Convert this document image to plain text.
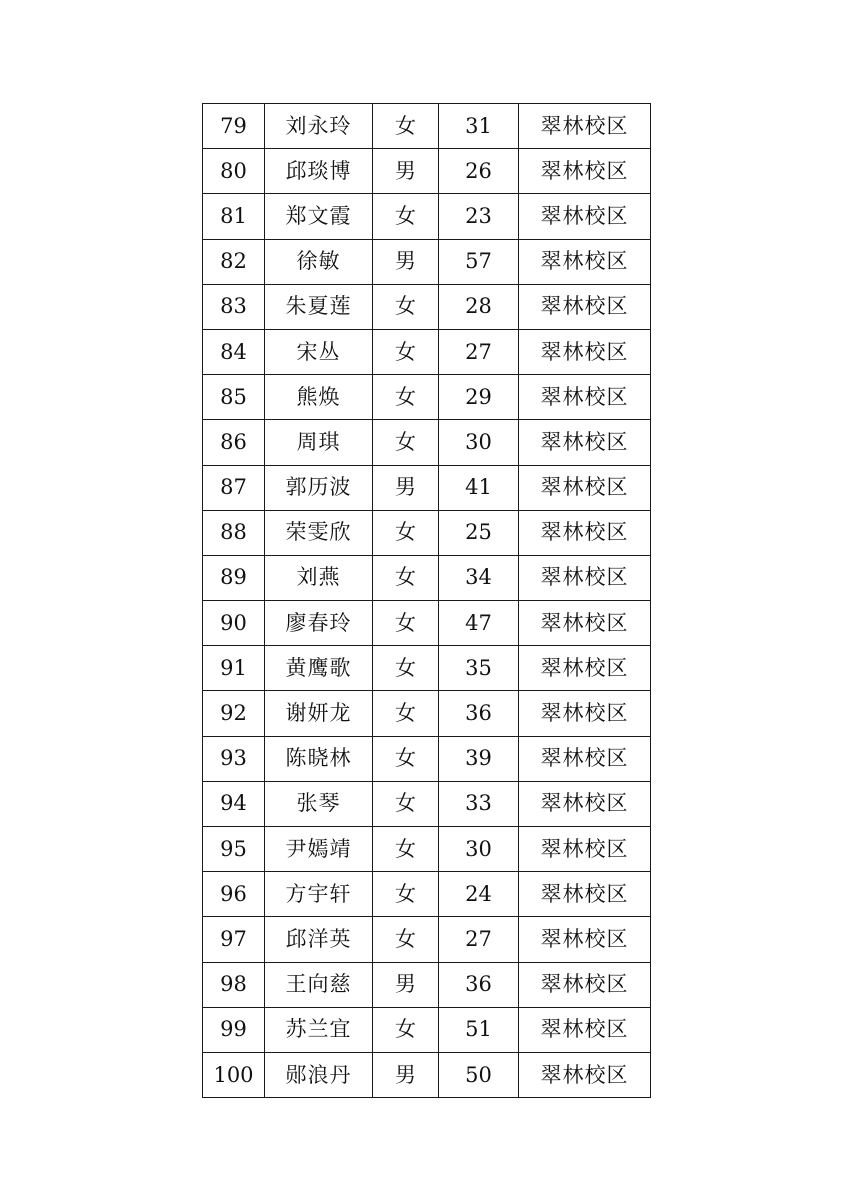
79	刘永玲	女	31	翠林校区
80	邱琰博	男	26	翠林校区
81	郑文霞	女	23	翠林校区
82	徐敏	男	57	翠林校区
83	朱夏莲	女	28	翠林校区
84	宋丛	女	27	翠林校区
85	熊焕	女	29	翠林校区
86	周琪	女	30	翠林校区
87	郭历波	男	41	翠林校区
88	荣雯欣	女	25	翠林校区
89	刘燕	女	34	翠林校区
90	廖春玲	女	47	翠林校区
91	黄鹰歌	女	35	翠林校区
92	谢妍龙	女	36	翠林校区
93	陈晓林	女	39	翠林校区
94	张琴	女	33	翠林校区
95	尹嫣靖	女	30	翠林校区
96	方宇轩	女	24	翠林校区
97	邱洋英	女	27	翠林校区
98	王向慈	男	36	翠林校区
99	苏兰宜	女	51	翠林校区
100	郧浪丹	男	50	翠林校区
